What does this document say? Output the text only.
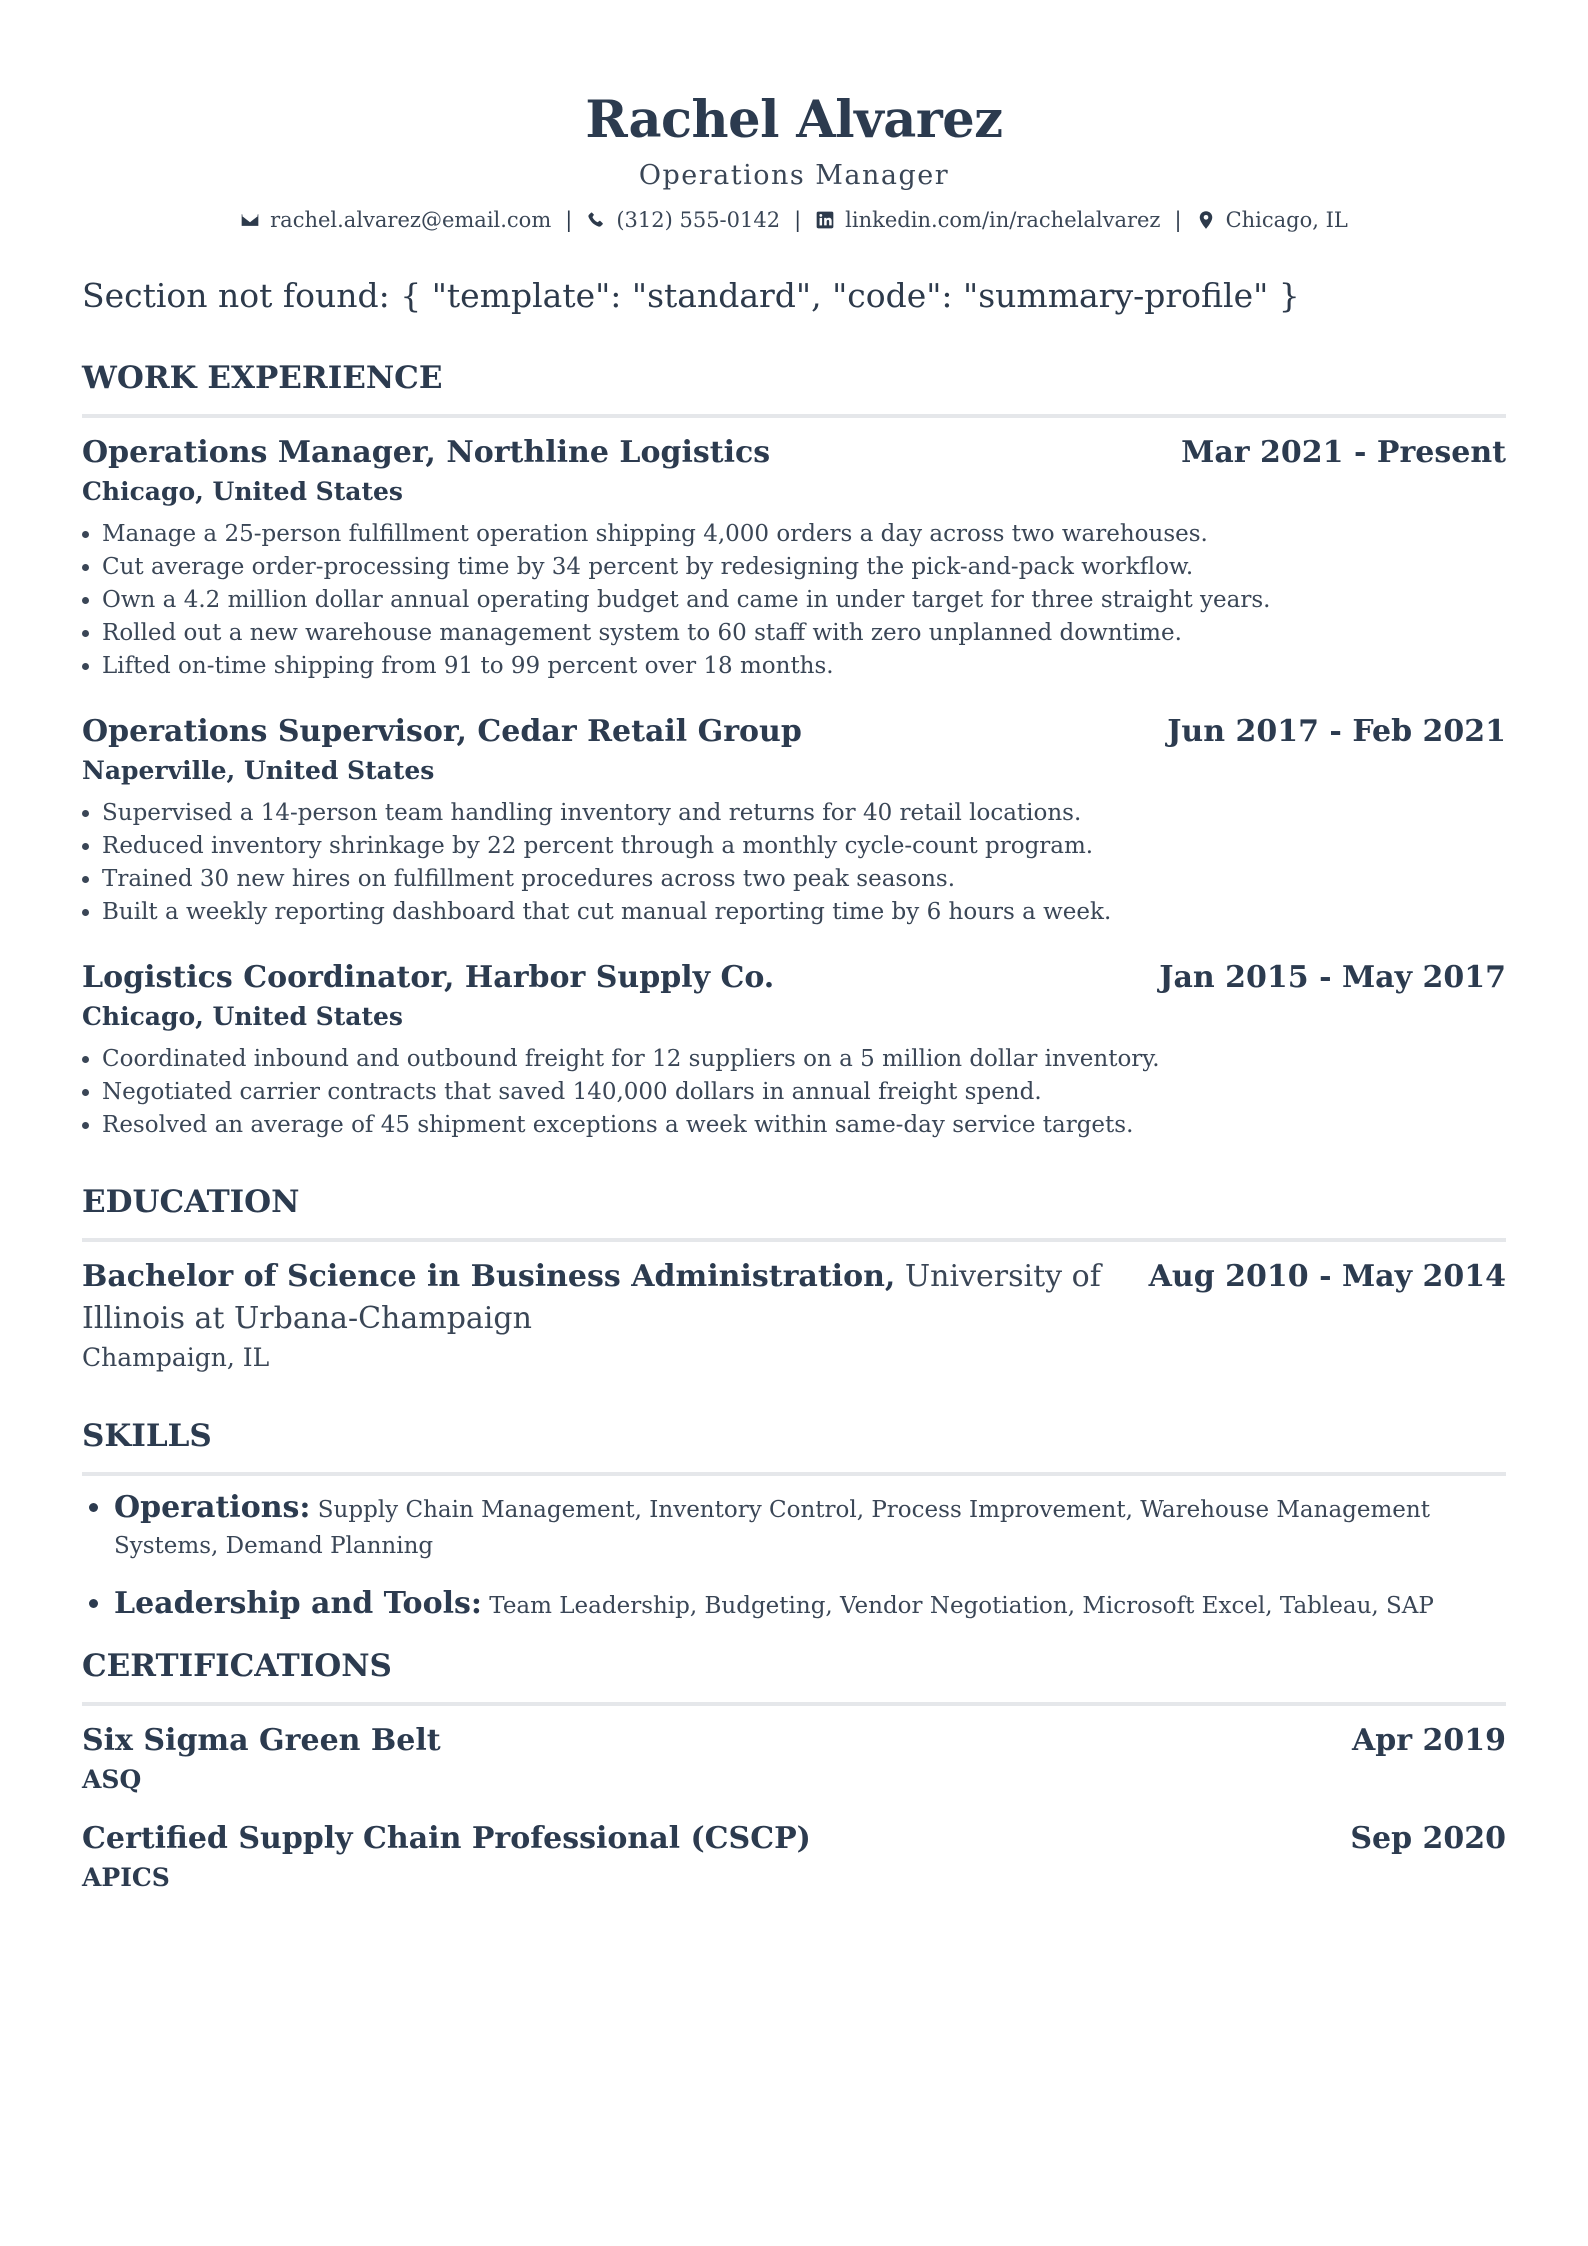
Rachel Alvarez
Operations Manager
rachel.alvarez@email.com | (312) 555-0142 | linkedin.com/in/rachelalvarez | Chicago, IL
Section not found: { "template": "standard", "code": "summary-profile" }
WORK EXPERIENCE
Operations Manager, Northline Logistics	Mar 2021 - Present
Chicago, United States
• Manage a 25-person fulfillment operation shipping 4,000 orders a day across two warehouses.
• Cut average order-processing time by 34 percent by redesigning the pick-and-pack workflow.
• Own a 4.2 million dollar annual operating budget and came in under target for three straight years.
• Rolled out a new warehouse management system to 60 staff with zero unplanned downtime.
• Lifted on-time shipping from 91 to 99 percent over 18 months.
Operations Supervisor, Cedar Retail Group	Jun 2017 - Feb 2021
Naperville, United States
• Supervised a 14-person team handling inventory and returns for 40 retail locations.
• Reduced inventory shrinkage by 22 percent through a monthly cycle-count program.
• Trained 30 new hires on fulfillment procedures across two peak seasons.
• Built a weekly reporting dashboard that cut manual reporting time by 6 hours a week.
Logistics Coordinator, Harbor Supply Co.	Jan 2015 - May 2017
Chicago, United States
• Coordinated inbound and outbound freight for 12 suppliers on a 5 million dollar inventory.
• Negotiated carrier contracts that saved 140,000 dollars in annual freight spend.
• Resolved an average of 45 shipment exceptions a week within same-day service targets.
EDUCATION
Bachelor of Science in Business Administration, University of Illinois at Urbana-Champaign
Aug 2010 - May 2014
Champaign, IL
SKILLS
• Operations: Supply Chain Management, Inventory Control, Process Improvement, Warehouse Management Systems, Demand Planning
• Leadership and Tools: Team Leadership, Budgeting, Vendor Negotiation, Microsoft Excel, Tableau, SAP
CERTIFICATIONS
Six Sigma Green Belt	Apr 2019
ASQ
Certified Supply Chain Professional (CSCP)	Sep 2020
APICS
